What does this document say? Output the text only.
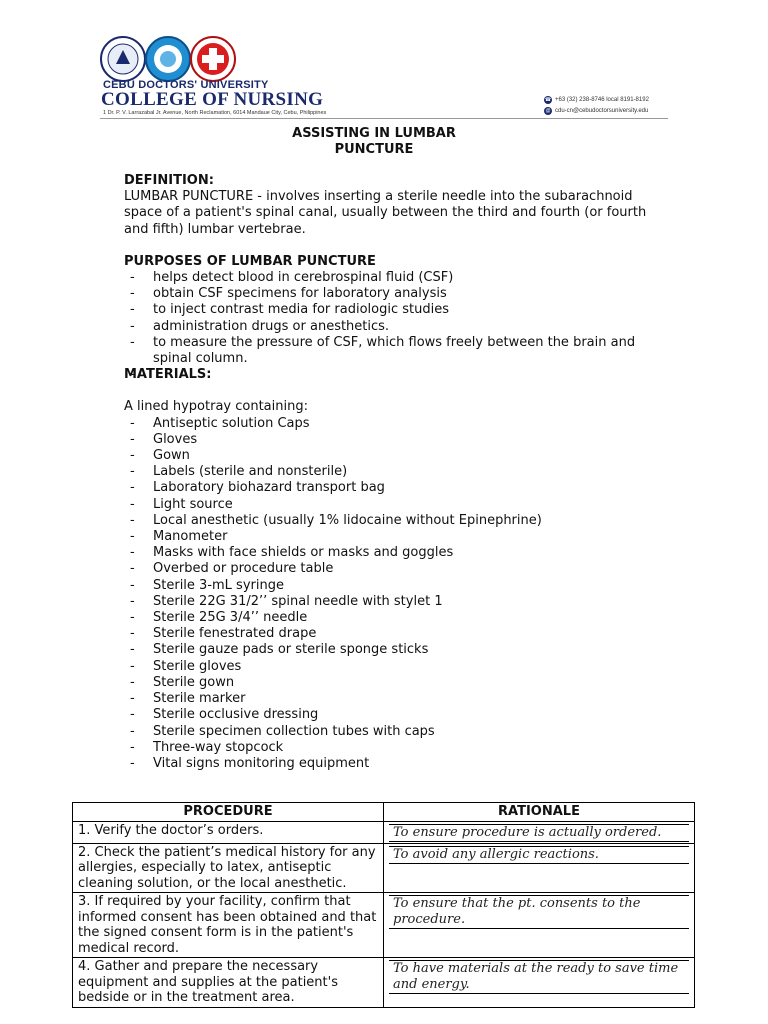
CEBU DOCTORS' UNIVERSITY
COLLEGE OF NURSING
1 Dr. P. V. Larrazabal Jr. Avenue, North Reclamation, 6014 Mandaue City, Cebu, Philippines
☎ +63 (32) 238-8746 local 8191-8192
@ cdu-cn@cebudoctorsuniversity.edu
ASSISTING IN LUMBAR
PUNCTURE

DEFINITION:

LUMBAR PUNCTURE - involves inserting a sterile needle into the subarachnoid space of a patient's spinal canal, usually between the third and fourth (or fourth and fifth) lumbar vertebrae.

PURPOSES OF LUMBAR PUNCTURE

- helps detect blood in cerebrospinal fluid (CSF)
- obtain CSF specimens for laboratory analysis
- to inject contrast media for radiologic studies
- administration drugs or anesthetics.
- to measure the pressure of CSF, which flows freely between the brain and spinal column.

MATERIALS:

A lined hypotray containing:

- Antiseptic solution Caps
- Gloves
- Gown
- Labels (sterile and nonsterile)
- Laboratory biohazard transport bag
- Light source
- Local anesthetic (usually 1% lidocaine without Epinephrine)
- Manometer
- Masks with face shields or masks and goggles
- Overbed or procedure table
- Sterile 3-mL syringe
- Sterile 22G 31/2’’ spinal needle with stylet 1
- Sterile 25G 3/4’’ needle
- Sterile fenestrated drape
- Sterile gauze pads or sterile sponge sticks
- Sterile gloves
- Sterile gown
- Sterile marker
- Sterile occlusive dressing
- Sterile specimen collection tubes with caps
- Three-way stopcock
- Vital signs monitoring equipment
PROCEDURE	RATIONALE
1. Verify the doctor’s orders.	To ensure procedure is actually ordered.

2. Check the patient’s medical history for any allergies, especially to latex, antiseptic cleaning solution, or the local anesthetic.	To avoid any allergic reactions.

3. If required by your facility, confirm that informed consent has been obtained and that the signed consent form is in the patient's medical record.	To ensure that the pt. consents to the procedure.

4. Gather and prepare the necessary equipment and supplies at the patient's bedside or in the treatment area.	To have materials at the ready to save time and energy.
